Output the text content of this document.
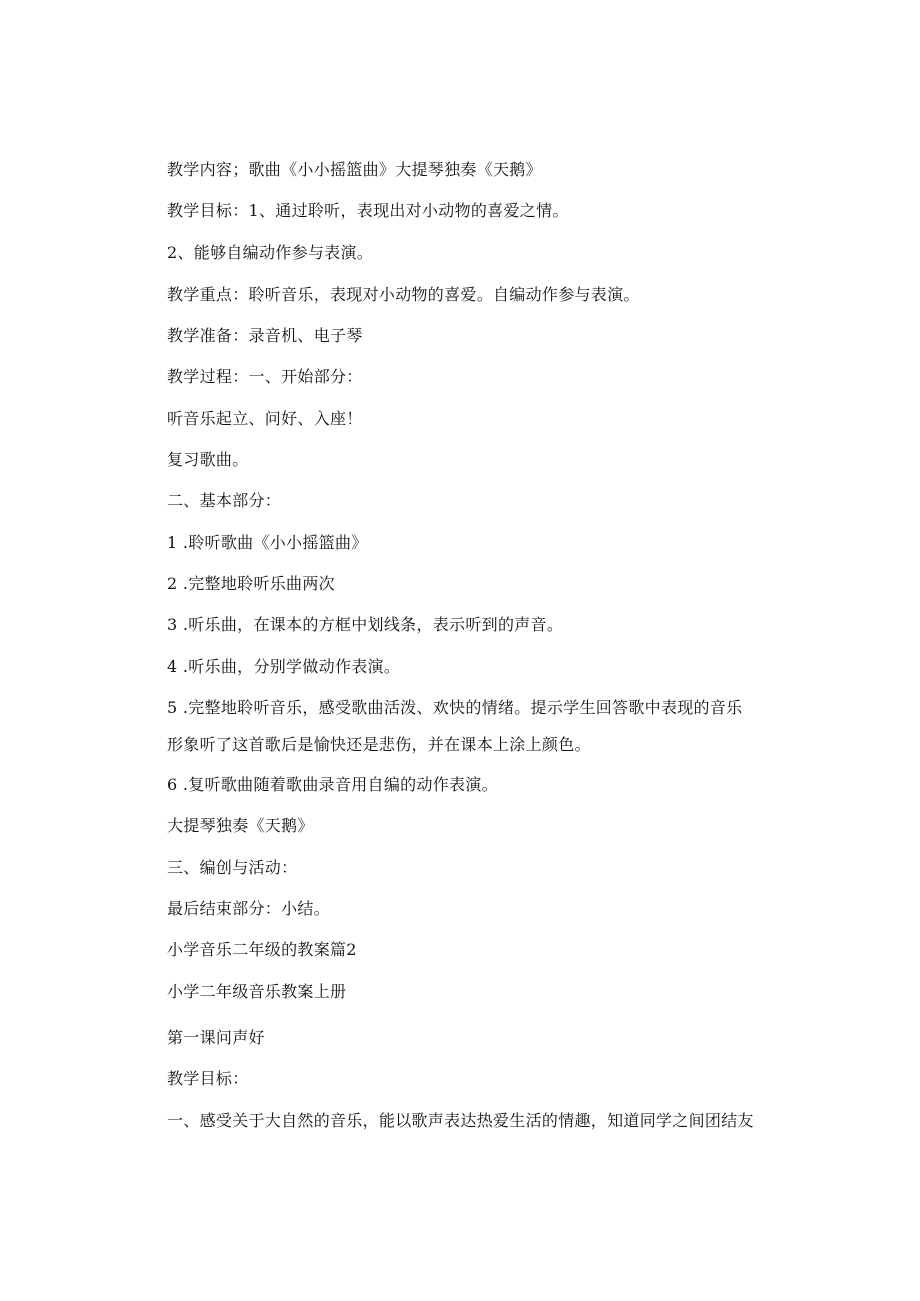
教学内容；歌曲《小小摇篮曲》大提琴独奏《天鹅》
教学目标：1、通过聆听，表现出对小动物的喜爱之情。
2、能够自编动作参与表演。
教学重点：聆听音乐，表现对小动物的喜爱。自编动作参与表演。
教学准备：录音机、电子琴
教学过程：一、开始部分：
听音乐起立、问好、入座！
复习歌曲。
二、基本部分：
1 .聆听歌曲《小小摇篮曲》
2 .完整地聆听乐曲两次
3 .听乐曲，在课本的方框中划线条，表示听到的声音。
4 .听乐曲，分别学做动作表演。
5 .完整地聆听音乐，感受歌曲活泼、欢快的情绪。提示学生回答歌中表现的音乐
形象听了这首歌后是愉快还是悲伤，并在课本上涂上颜色。
6 .复听歌曲随着歌曲录音用自编的动作表演。
大提琴独奏《天鹅》
三、编创与活动：
最后结束部分：小结。
小学音乐二年级的教案篇2
小学二年级音乐教案上册
第一课问声好
教学目标：
一、感受关于大自然的音乐，能以歌声表达热爱生活的情趣，知道同学之间团结友
